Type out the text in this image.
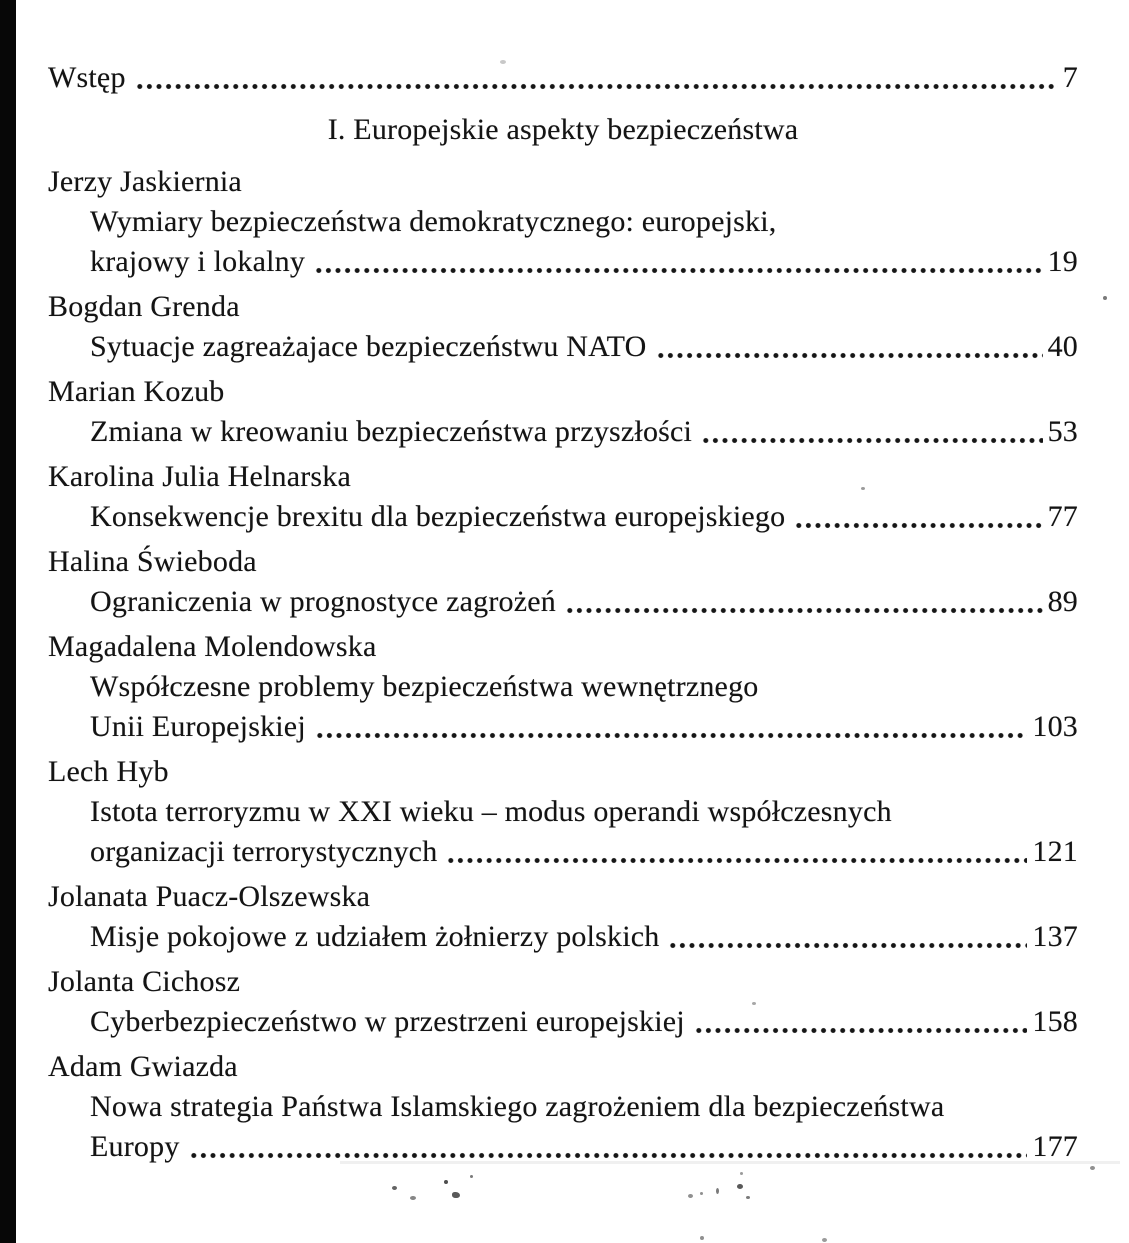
Wstęp	7
I. Europejskie aspekty bezpieczeństwa
Jerzy Jaskiernia
Wymiary bezpieczeństwa demokratycznego: europejski,
krajowy i lokalny	19
Bogdan Grenda
Sytuacje zagreażajace bezpieczeństwu NATO	40
Marian Kozub
Zmiana w kreowaniu bezpieczeństwa przyszłości	53
Karolina Julia Helnarska
Konsekwencje brexitu dla bezpieczeństwa europejskiego	77
Halina Świeboda
Ograniczenia w prognostyce zagrożeń	89
Magadalena Molendowska
Współczesne problemy bezpieczeństwa wewnętrznego
Unii Europejskiej	103
Lech Hyb
Istota terroryzmu w XXI wieku – modus operandi współczesnych
organizacji terrorystycznych	121
Jolanata Puacz-Olszewska
Misje pokojowe z udziałem żołnierzy polskich	137
Jolanta Cichosz
Cyberbezpieczeństwo w przestrzeni europejskiej	158
Adam Gwiazda
Nowa strategia Państwa Islamskiego zagrożeniem dla bezpieczeństwa
Europy	177
